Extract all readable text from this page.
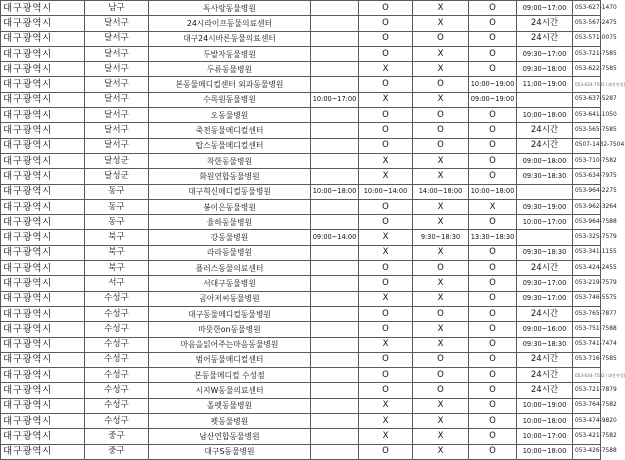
대구광역시	남구	독사랑동물병원		O	X	O	09:00~17:00	053-627-1470
대구광역시	달서구	24시라이프동물의료센터		O	X	O	24시간	053-567-2475
대구광역시	달서구	대구24시바른동물의료센터		O	O	O	24시간	053-571-0075
대구광역시	달서구	두발자동물병원		O	X	O	09:30~17:00	053-721-7585
대구광역시	달서구	두류동물병원		X	X	O	09:30~18:00	053-622-7585
대구광역시	달서구	본동물메디컬센터 외과동물병원		O	O	10:00~19:00	11:00~19:00	053-634-7582 (대전연결)
대구광역시	달서구	수목원동물병원	10:00~17:00	X	X	09:00~19:00		053-637-5287
대구광역시	달서구	오동물병원		O	O	O	10:00~18:00	053-641-1050
대구광역시	달서구	죽전동물메디컬센터		O	O	O	24시간	053-565-7585
대구광역시	달서구	탑스동물메디컬센터		O	O	O	24시간	0507-1432-7504
대구광역시	달성군	착한동물병원		X	X	O	09:00~18:00	053-710-7582
대구광역시	달성군	화원연합동물병원		X	X	O	09:30~18:30	053-634-7975
대구광역시	동구	대구혁신메디컬동물병원	10:00~18:00	10:00~14:00	14:00~18:00	10:00~18:00		053-964-2275
대구광역시	동구	봉이은동물병원		O	X	X	09:30~19:00	053-962-3264
대구광역시	동구	율하동물병원		O	X	O	10:00~17:00	053-964-7588
대구광역시	북구	강동물병원	09:00~14:00	X	9:30~18:30	13:30~18:30		053-325-7579
대구광역시	북구	라라동물병원		X	X	O	09:30~18:30	053-341-1155
대구광역시	북구	플러스동물의료센터		O	O	O	24시간	053-424-2455
대구광역시	서구	서대구동물병원		O	X	O	09:30~17:00	053-219-7579
대구광역시	수성구	곰아저씨동물병원		X	X	O	09:30~17:00	053-746-5575
대구광역시	수성구	대구동물메디컬동물병원		O	O	O	24시간	053-765-7877
대구광역시	수성구	따뜻한on동물병원		O	X	O	09:00~16:00	053-751-7588
대구광역시	수성구	마음을읽어주는마음동물병원		X	X	O	09:30~18:30	053-741-7474
대구광역시	수성구	범어동물메디컬센터		O	O	O	24시간	053-716-7585
대구광역시	수성구	본동물메디컬 수성점		O	O	O	24시간	053-634-7582 (대전연결)
대구광역시	수성구	시지W동물의료센터		O	O	O	24시간	053-721-7879
대구광역시	수성구	올펫동물병원		X	X	O	10:00~19:00	053-764-7582
대구광역시	수성구	펫동물병원		X	X	O	10:00~18:00	053-474-9820
대구광역시	중구	남산연합동물병원		X	X	O	10:00~17:00	053-421-7582
대구광역시	중구	대구S동물병원		O	X	O	10:00~18:00	053-426-7588
